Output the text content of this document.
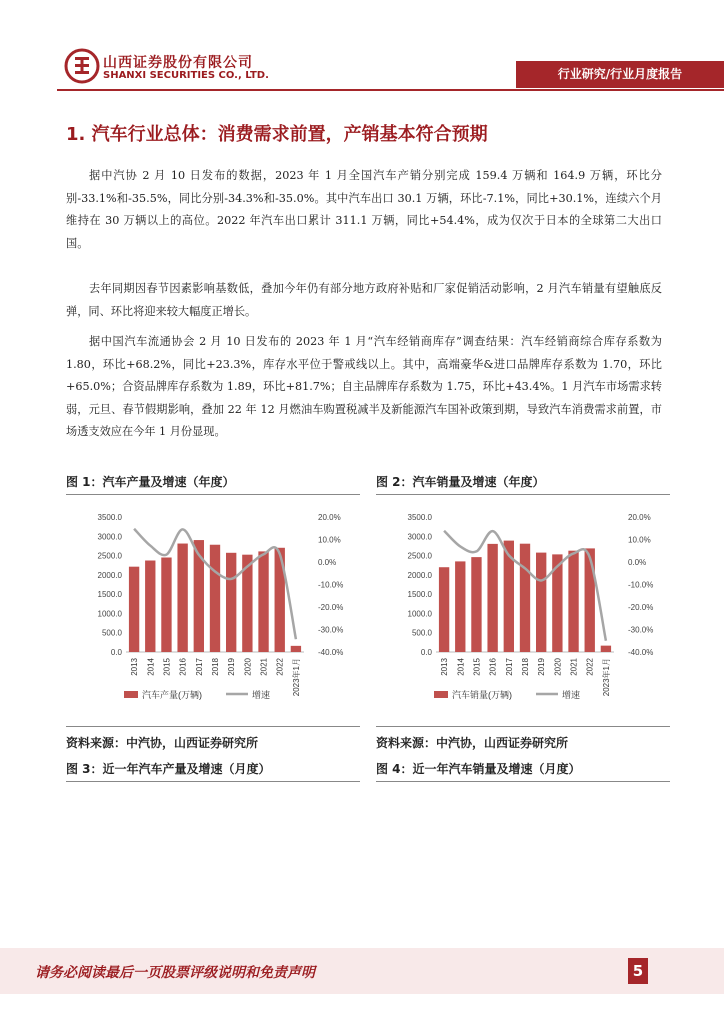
山西证券股份有限公司
SHANXI SECURITIES CO., LTD.	行业研究/行业月度报告
1. 汽车行业总体：消费需求前置，产销基本符合预期
据中汽协 2 月 10 日发布的数据，2023 年 1 月全国汽车产销分别完成 159.4 万辆和 164.9 万辆，环比分别-33.1%和-35.5%，同比分别-34.3%和-35.0%。其中汽车出口 30.1 万辆，环比-7.1%，同比+30.1%，连续六个月维持在 30 万辆以上的高位。2022 年汽车出口累计 311.1 万辆，同比+54.4%，成为仅次于日本的全球第二大出口国。
去年同期因春节因素影响基数低，叠加今年仍有部分地方政府补贴和厂家促销活动影响，2 月汽车销量有望触底反弹，同、环比将迎来较大幅度正增长。
据中国汽车流通协会 2 月 10 日发布的 2023 年 1 月“汽车经销商库存”调查结果：汽车经销商综合库存系数为 1.80，环比+68.2%，同比+23.3%，库存水平位于警戒线以上。其中，高端豪华&进口品牌库存系数为 1.70，环比+65.0%；合资品牌库存系数为 1.89，环比+81.7%；自主品牌库存系数为 1.75，环比+43.4%。1 月汽车市场需求转弱，元旦、春节假期影响，叠加 22 年 12 月燃油车购置税减半及新能源汽车国补政策到期，导致汽车消费需求前置，市场透支效应在今年 1 月份显现。
图 1：汽车产量及增速（年度）
0.0
500.0
1000.0
1500.0
2000.0
2500.0
3000.0
3500.0	20.0%
10.0%
0.0%
-10.0%
-20.0%
-30.0%
-40.0%
2013 2014 2015 2016 2017 2018 2019 2020 2021 2022 2023年1月
汽车产量(万辆)	增速
资料来源：中汽协，山西证券研究所
图 3：近一年汽车产量及增速（月度）
图 2：汽车销量及增速（年度）
0.0
500.0
1000.0
1500.0
2000.0
2500.0
3000.0
3500.0	20.0%
10.0%
0.0%
-10.0%
-20.0%
-30.0%
-40.0%
2013 2014 2015 2016 2017 2018 2019 2020 2021 2022 2023年1月
汽车销量(万辆)	增速
资料来源：中汽协，山西证券研究所
图 4：近一年汽车销量及增速（月度）
请务必阅读最后一页股票评级说明和免责声明	5
